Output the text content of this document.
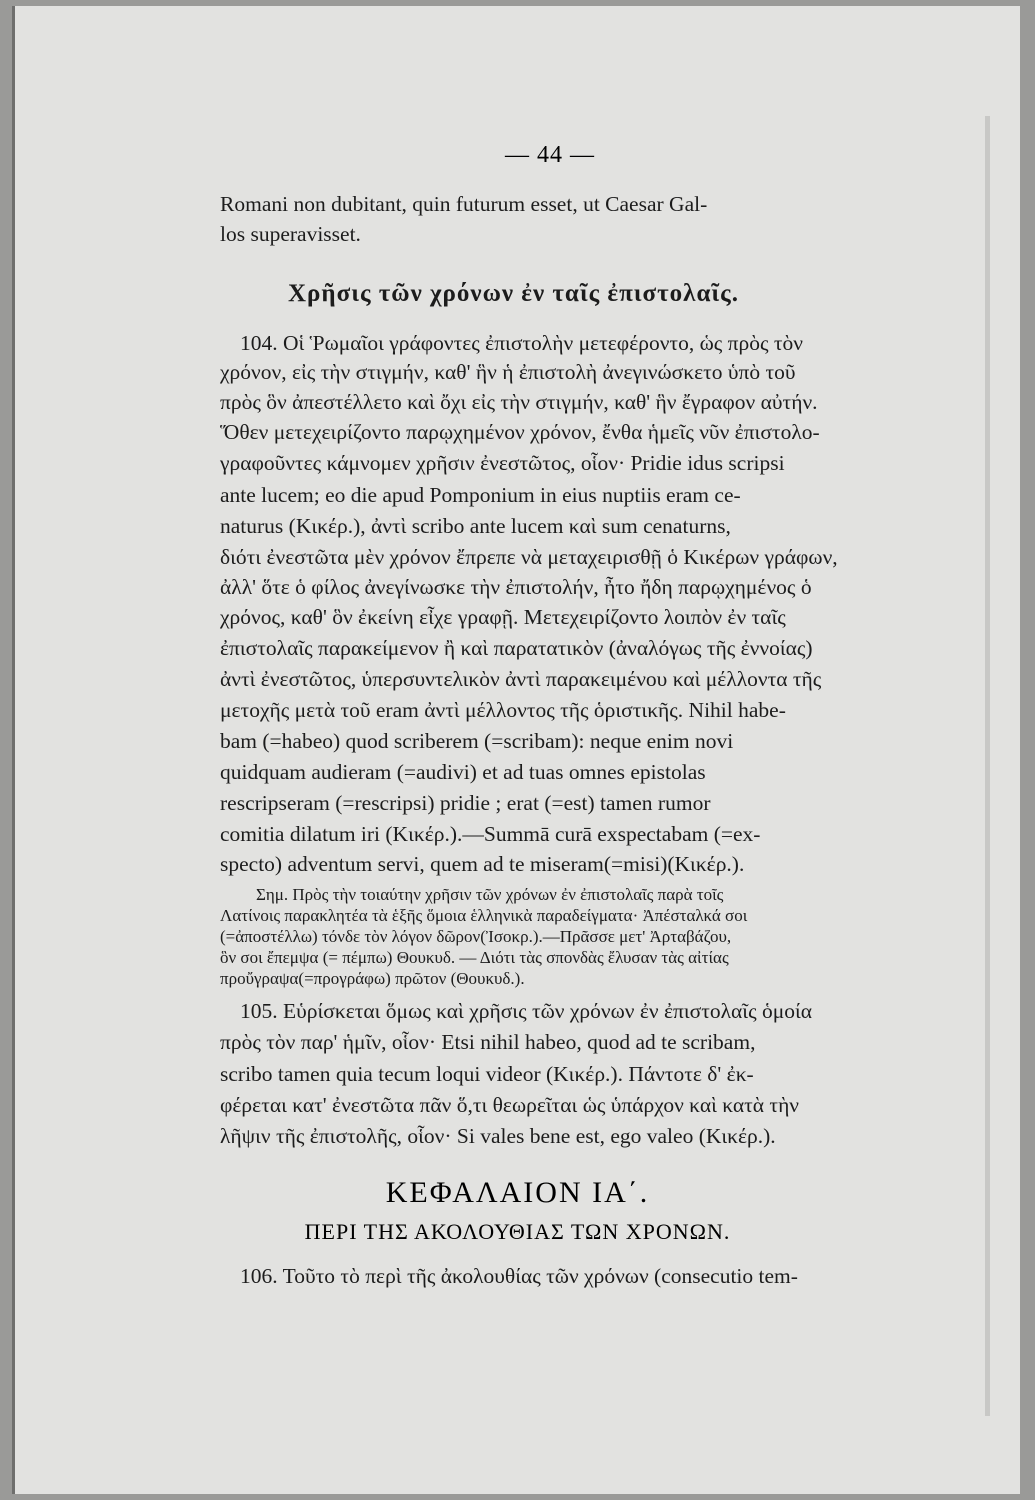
— 44 —
Romani non dubitant, quin futurum esset, ut Caesar Gal-
los superavisset.
Χρῆσις τῶν χρόνων ἐν ταῖς ἐπιστολαῖς.
104. Οἱ Ῥωμαῖοι γράφοντες ἐπιστολὴν μετεφέροντο, ὡς πρὸς τὸν
χρόνον, εἰς τὴν στιγμήν, καθ' ἣν ἡ ἐπιστολὴ ἀνεγινώσκετο ὑπὸ τοῦ
πρὸς ὃν ἀπεστέλλετο καὶ ὄχι εἰς τὴν στιγμήν, καθ' ἣν ἔγραφον αὐτήν.
Ὅθεν μετεχειρίζοντο παρῳχημένον χρόνον, ἔνθα ἡμεῖς νῦν ἐπιστολο-
γραφοῦντες κάμνομεν χρῆσιν ἐνεστῶτος, οἷον· Pridie idus scripsi
ante lucem; eo die apud Pomponium in eius nuptiis eram ce-
naturus (Κικέρ.), ἀντὶ scribo ante lucem καὶ sum cenaturns,
διότι ἐνεστῶτα μὲν χρόνον ἔπρεπε νὰ μεταχειρισθῇ ὁ Κικέρων γράφων,
ἀλλ' ὅτε ὁ φίλος ἀνεγίνωσκε τὴν ἐπιστολήν, ἦτο ἤδη παρῳχημένος ὁ
χρόνος, καθ' ὃν ἐκείνη εἶχε γραφῇ. Μετεχειρίζοντο λοιπὸν ἐν ταῖς
ἐπιστολαῖς παρακείμενον ἢ καὶ παρατατικὸν (ἀναλόγως τῆς ἐννοίας)
ἀντὶ ἐνεστῶτος, ὑπερσυντελικὸν ἀντὶ παρακειμένου καὶ μέλλοντα τῆς
μετοχῆς μετὰ τοῦ eram ἀντὶ μέλλοντος τῆς ὁριστικῆς. Nihil habe-
bam (=habeo) quod scriberem (=scribam): neque enim novi
quidquam audieram (=audivi) et ad tuas omnes epistolas
rescripseram (=rescripsi) pridie ; erat (=est) tamen rumor
comitia dilatum iri (Κικέρ.).—Summā curā exspectabam (=ex-
specto) adventum servi, quem ad te miseram(=misi)(Κικέρ.).
Σημ. Πρὸς τὴν τοιαύτην χρῆσιν τῶν χρόνων ἐν ἐπιστολαῖς παρὰ τοῖς
Λατίνοις παρακλητέα τὰ ἑξῆς ὅμοια ἑλληνικὰ παραδείγματα· Ἀπέσταλκά σοι
(=ἀποστέλλω) τόνδε τὸν λόγον δῶρον(Ἰσοκρ.).—Πρᾶσσε μετ' Ἀρταβάζου,
ὃν σοι ἔπεμψα (= πέμπω) Θουκυδ. — Διότι τὰς σπονδὰς ἔλυσαν τὰς αἰτίας
προὔγραψα(=προγράφω) πρῶτον (Θουκυδ.).
105. Εὑρίσκεται ὅμως καὶ χρῆσις τῶν χρόνων ἐν ἐπιστολαῖς ὁμοία
πρὸς τὸν παρ' ἡμῖν, οἷον· Etsi nihil habeo, quod ad te scribam,
scribo tamen quia tecum loqui videor (Κικέρ.). Πάντοτε δ' ἐκ-
φέρεται κατ' ἐνεστῶτα πᾶν ὅ,τι θεωρεῖται ὡς ὑπάρχον καὶ κατὰ τὴν
λῆψιν τῆς ἐπιστολῆς, οἷον· Si vales bene est, ego valeo (Κικέρ.).
ΚΕΦΑΛΑΙΟΝ ΙΑ΄.
ΠΕΡΙ ΤΗΣ ΑΚΟΛΟΥΘΙΑΣ ΤΩΝ ΧΡΟΝΩΝ.
106. Τοῦτο τὸ περὶ τῆς ἀκολουθίας τῶν χρόνων (consecutio tem-
